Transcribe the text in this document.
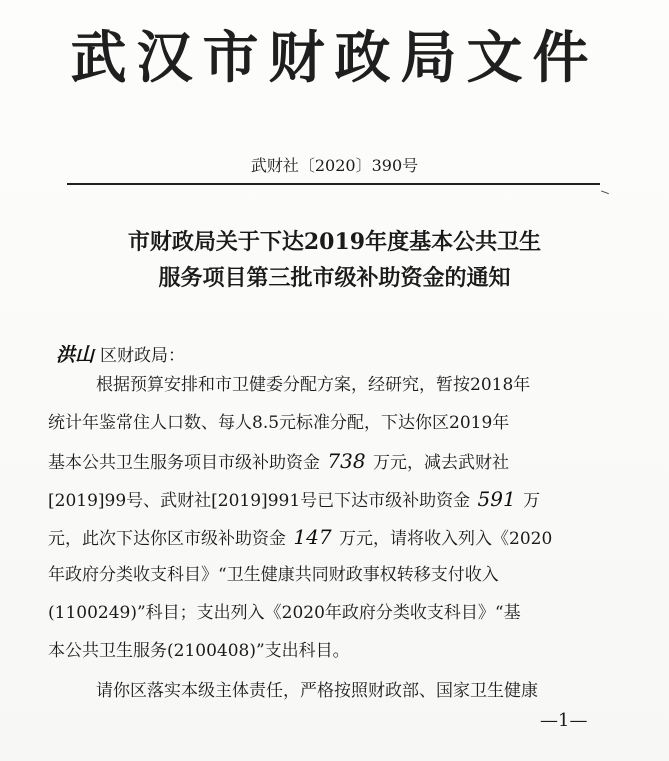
武汉市财政局文件
武财社〔2020〕390号
市财政局关于下达2019年度基本公共卫生
服务项目第三批市级补助资金的通知
洪山 区财政局：
根据预算安排和市卫健委分配方案，经研究，暂按2018年
统计年鉴常住人口数、每人8.5元标准分配，下达你区2019年
基本公共卫生服务项目市级补助资金 738 万元，减去武财社
[2019]99号、武财社[2019]991号已下达市级补助资金 591 万
元，此次下达你区市级补助资金 147 万元，请将收入列入《2020
年政府分类收支科目》“卫生健康共同财政事权转移支付收入
(1100249)”科目；支出列入《2020年政府分类收支科目》“基
本公共卫生服务(2100408)”支出科目。
请你区落实本级主体责任，严格按照财政部、国家卫生健康
—1—
